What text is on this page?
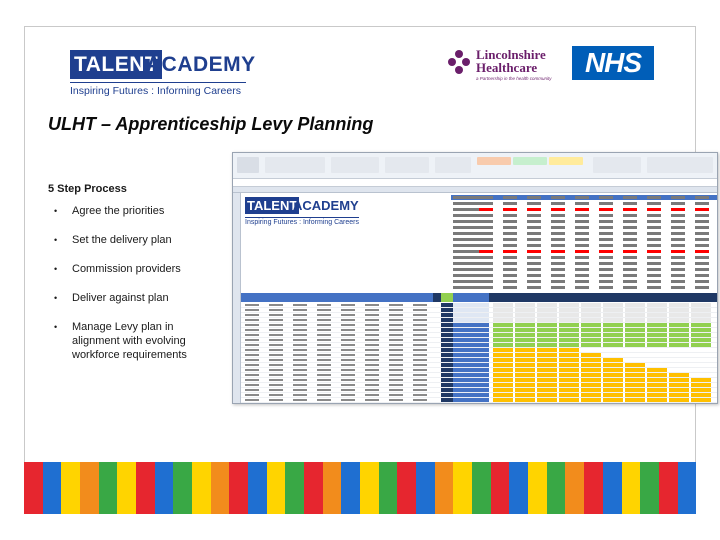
TALENT
ACADEMY
Inspiring Futures : Informing Careers
Lincolnshire
Healthcare
a Partnership in the health community
NHS
ULHT – Apprenticeship Levy Planning
5 Step Process
• Agree the priorities
• Set the delivery plan
• Commission providers
• Deliver against plan
• Manage Levy plan in alignment with evolving workforce requirements
TALENT
ACADEMY
Inspiring Futures : Informing Careers
